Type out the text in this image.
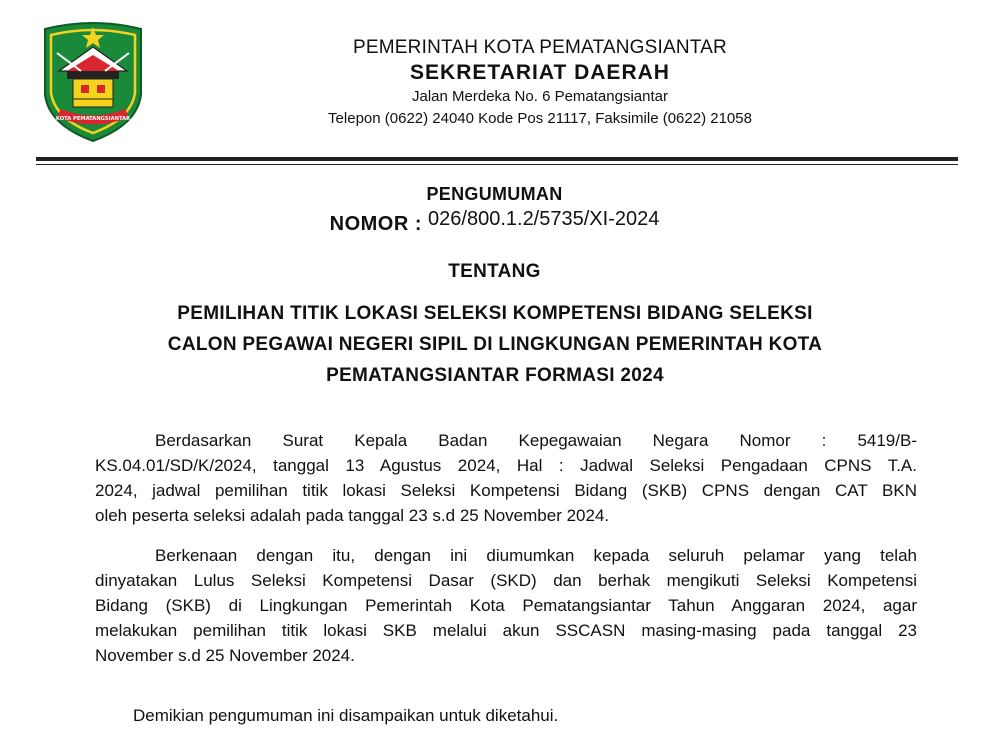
KOTA PEMATANGSIANTAR
PEMERINTAH KOTA PEMATANGSIANTAR
SEKRETARIAT DAERAH
Jalan Merdeka No. 6 Pematangsiantar
Telepon (0622) 24040 Kode Pos 21117, Faksimile (0622) 21058
PENGUMUMAN
NOMOR : 026/800.1.2/5735/XI-2024
TENTANG
PEMILIHAN TITIK LOKASI SELEKSI KOMPETENSI BIDANG SELEKSI
CALON PEGAWAI NEGERI SIPIL DI LINGKUNGAN PEMERINTAH KOTA
PEMATANGSIANTAR FORMASI 2024
Berdasarkan Surat Kepala Badan Kepegawaian Negara Nomor : 5419/B-
KS.04.01/SD/K/2024, tanggal 13 Agustus 2024, Hal : Jadwal Seleksi Pengadaan CPNS T.A.
2024, jadwal pemilihan titik lokasi Seleksi Kompetensi Bidang (SKB) CPNS dengan CAT BKN
oleh peserta seleksi adalah pada tanggal 23 s.d 25 November 2024.
Berkenaan dengan itu, dengan ini diumumkan kepada seluruh pelamar yang telah
dinyatakan Lulus Seleksi Kompetensi Dasar (SKD) dan berhak mengikuti Seleksi Kompetensi
Bidang (SKB) di Lingkungan Pemerintah Kota Pematangsiantar Tahun Anggaran 2024, agar
melakukan pemilihan titik lokasi SKB melalui akun SSCASN masing-masing pada tanggal 23
November s.d 25 November 2024.
Demikian pengumuman ini disampaikan untuk diketahui.
